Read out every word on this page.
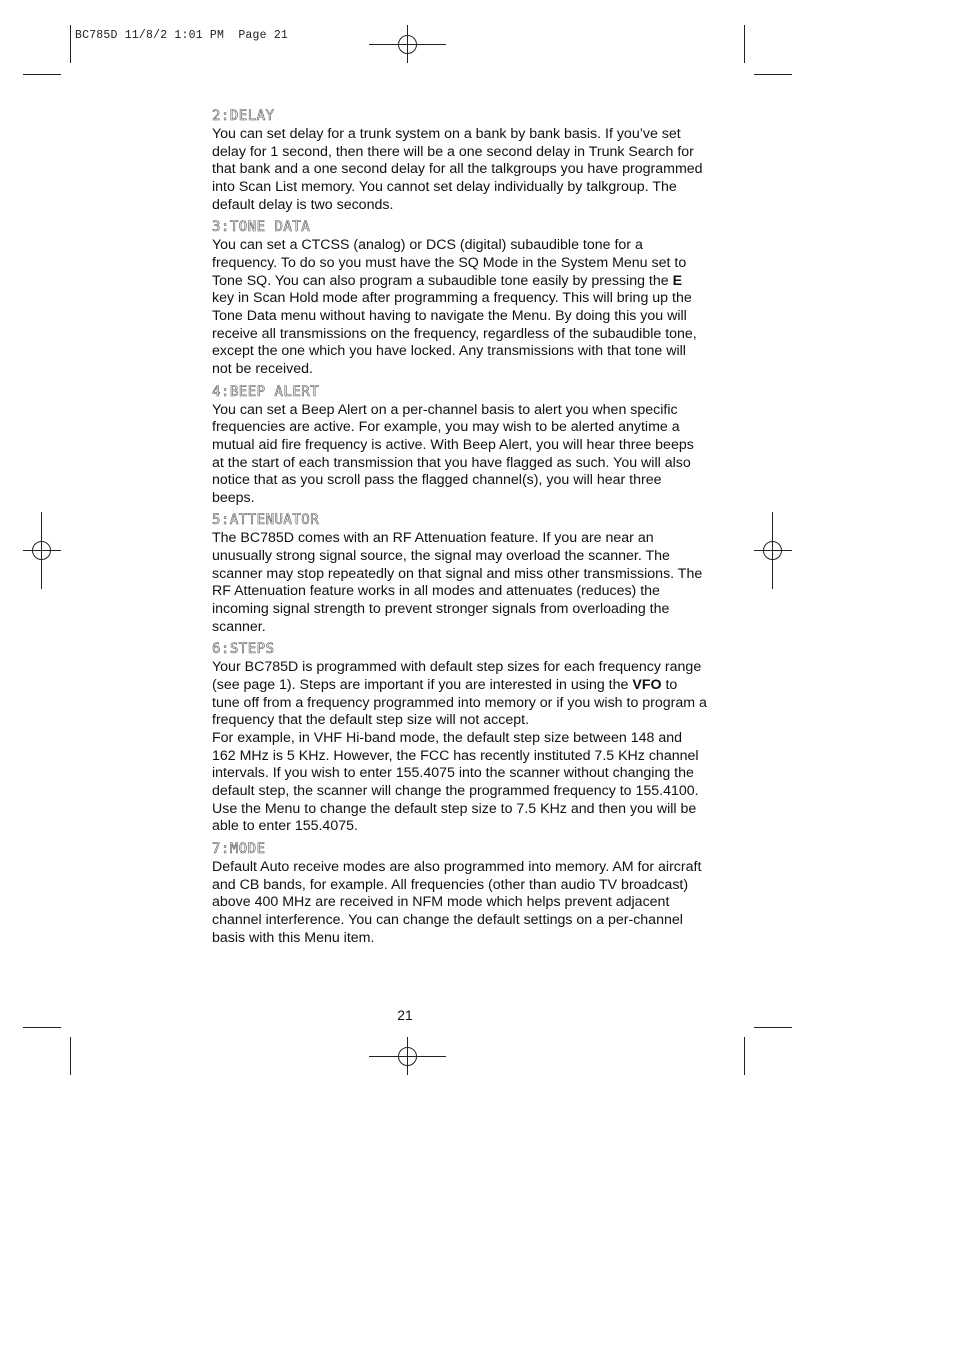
BC785D 11/8/2 1:01 PM  Page 21
2:DELAY

You can set delay for a trunk system on a bank by bank basis. If you’ve set delay for 1 second, then there will be a one second delay in Trunk Search for that bank and a one second delay for all the talkgroups you have programmed into Scan List memory. You cannot set delay individually by talkgroup. The default delay is two seconds.

3:TONE DATA

You can set a CTCSS (analog) or DCS (digital) subaudible tone for a frequency. To do so you must have the SQ Mode in the System Menu set to Tone SQ. You can also program a subaudible tone easily by pressing the E key in Scan Hold mode after programming a frequency. This will bring up the Tone Data menu without having to navigate the Menu. By doing this you will receive all transmissions on the frequency, regardless of the subaudible tone, except the one which you have locked. Any transmissions with that tone will not be received.

4:BEEP ALERT

You can set a Beep Alert on a per-channel basis to alert you when specific frequencies are active. For example, you may wish to be alerted anytime a mutual aid fire frequency is active. With Beep Alert, you will hear three beeps at the start of each transmission that you have flagged as such. You will also notice that as you scroll pass the flagged channel(s), you will hear three beeps.

5:ATTENUATOR

The BC785D comes with an RF Attenuation feature. If you are near an unusually strong signal source, the signal may overload the scanner. The scanner may stop repeatedly on that signal and miss other transmissions. The RF Attenuation feature works in all modes and attenuates (reduces) the incoming signal strength to prevent stronger signals from overloading the scanner.

6:STEPS

Your BC785D is programmed with default step sizes for each frequency range (see page 1). Steps are important if you are interested in using the VFO to tune off from a frequency programmed into memory or if you wish to program a frequency that the default step size will not accept.

For example, in VHF Hi-band mode, the default step size between 148 and 162 MHz is 5 KHz. However, the FCC has recently instituted 7.5 KHz channel intervals. If you wish to enter 155.4075 into the scanner without changing the default step, the scanner will change the programmed frequency to 155.4100. Use the Menu to change the default step size to 7.5 KHz and then you will be able to enter 155.4075.

7:MODE

Default Auto receive modes are also programmed into memory. AM for aircraft and CB bands, for example. All frequencies (other than audio TV broadcast) above 400 MHz are received in NFM mode which helps prevent adjacent channel interference. You can change the default settings on a per-channel basis with this Menu item.

21
